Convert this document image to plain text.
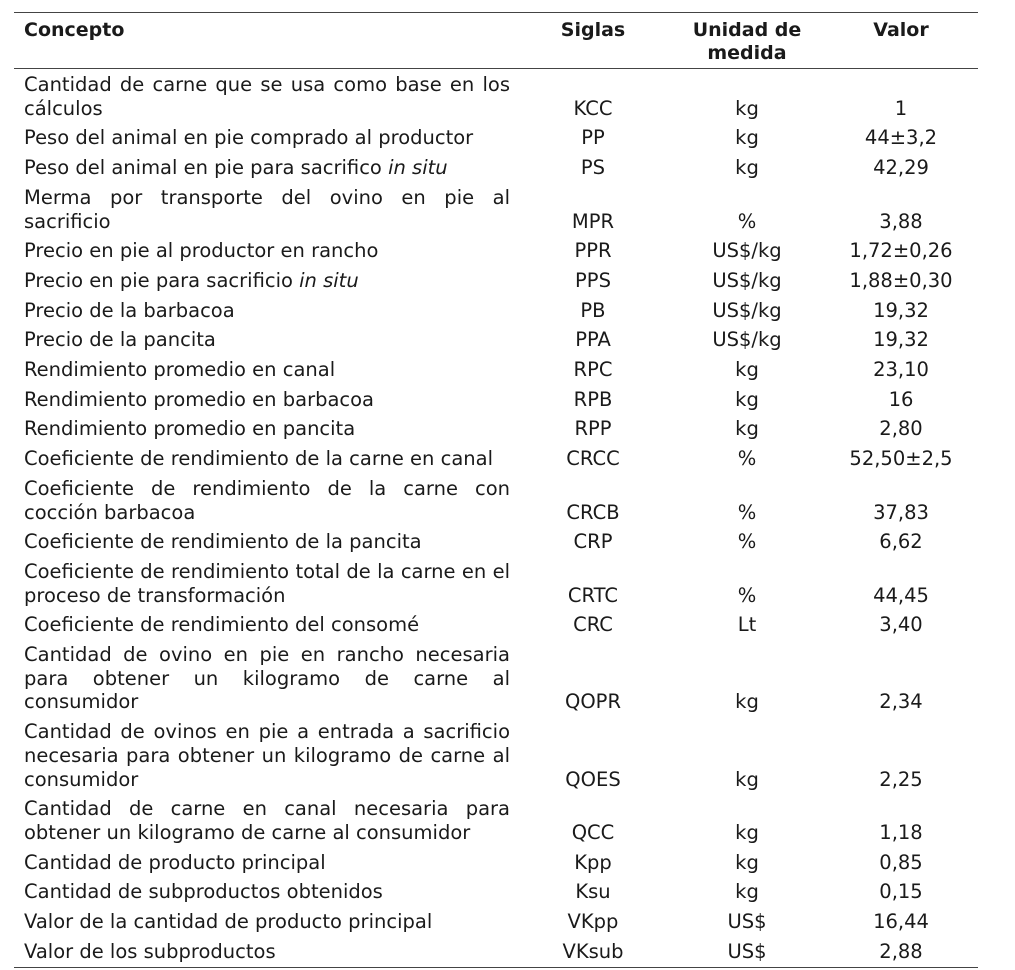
Concepto	Siglas	Unidad de medida	Valor
Cantidad de carne que se usa como base en los cálculos	KCC	kg	1
Peso del animal en pie comprado al productor	PP	kg	44±3,2
Peso del animal en pie para sacrifico in situ	PS	kg	42,29
Merma por transporte del ovino en pie al sacrificio	MPR	%	3,88
Precio en pie al productor en rancho	PPR	US$/kg	1,72±0,26
Precio en pie para sacrificio in situ	PPS	US$/kg	1,88±0,30
Precio de la barbacoa	PB	US$/kg	19,32
Precio de la pancita	PPA	US$/kg	19,32
Rendimiento promedio en canal	RPC	kg	23,10
Rendimiento promedio en barbacoa	RPB	kg	16
Rendimiento promedio en pancita	RPP	kg	2,80
Coeficiente de rendimiento de la carne en canal	CRCC	%	52,50±2,5
Coeficiente de rendimiento de la carne con cocción barbacoa	CRCB	%	37,83
Coeficiente de rendimiento de la pancita	CRP	%	6,62
Coeficiente de rendimiento total de la carne en el proceso de transformación	CRTC	%	44,45
Coeficiente de rendimiento del consomé	CRC	Lt	3,40
Cantidad de ovino en pie en rancho necesaria para obtener un kilogramo de carne al consumidor	QOPR	kg	2,34
Cantidad de ovinos en pie a entrada a sacrificio necesaria para obtener un kilogramo de carne al consumidor	QOES	kg	2,25
Cantidad de carne en canal necesaria para obtener un kilogramo de carne al consumidor	QCC	kg	1,18
Cantidad de producto principal	Kpp	kg	0,85
Cantidad de subproductos obtenidos	Ksu	kg	0,15
Valor de la cantidad de producto principal	VKpp	US$	16,44
Valor de los subproductos	VKsub	US$	2,88
